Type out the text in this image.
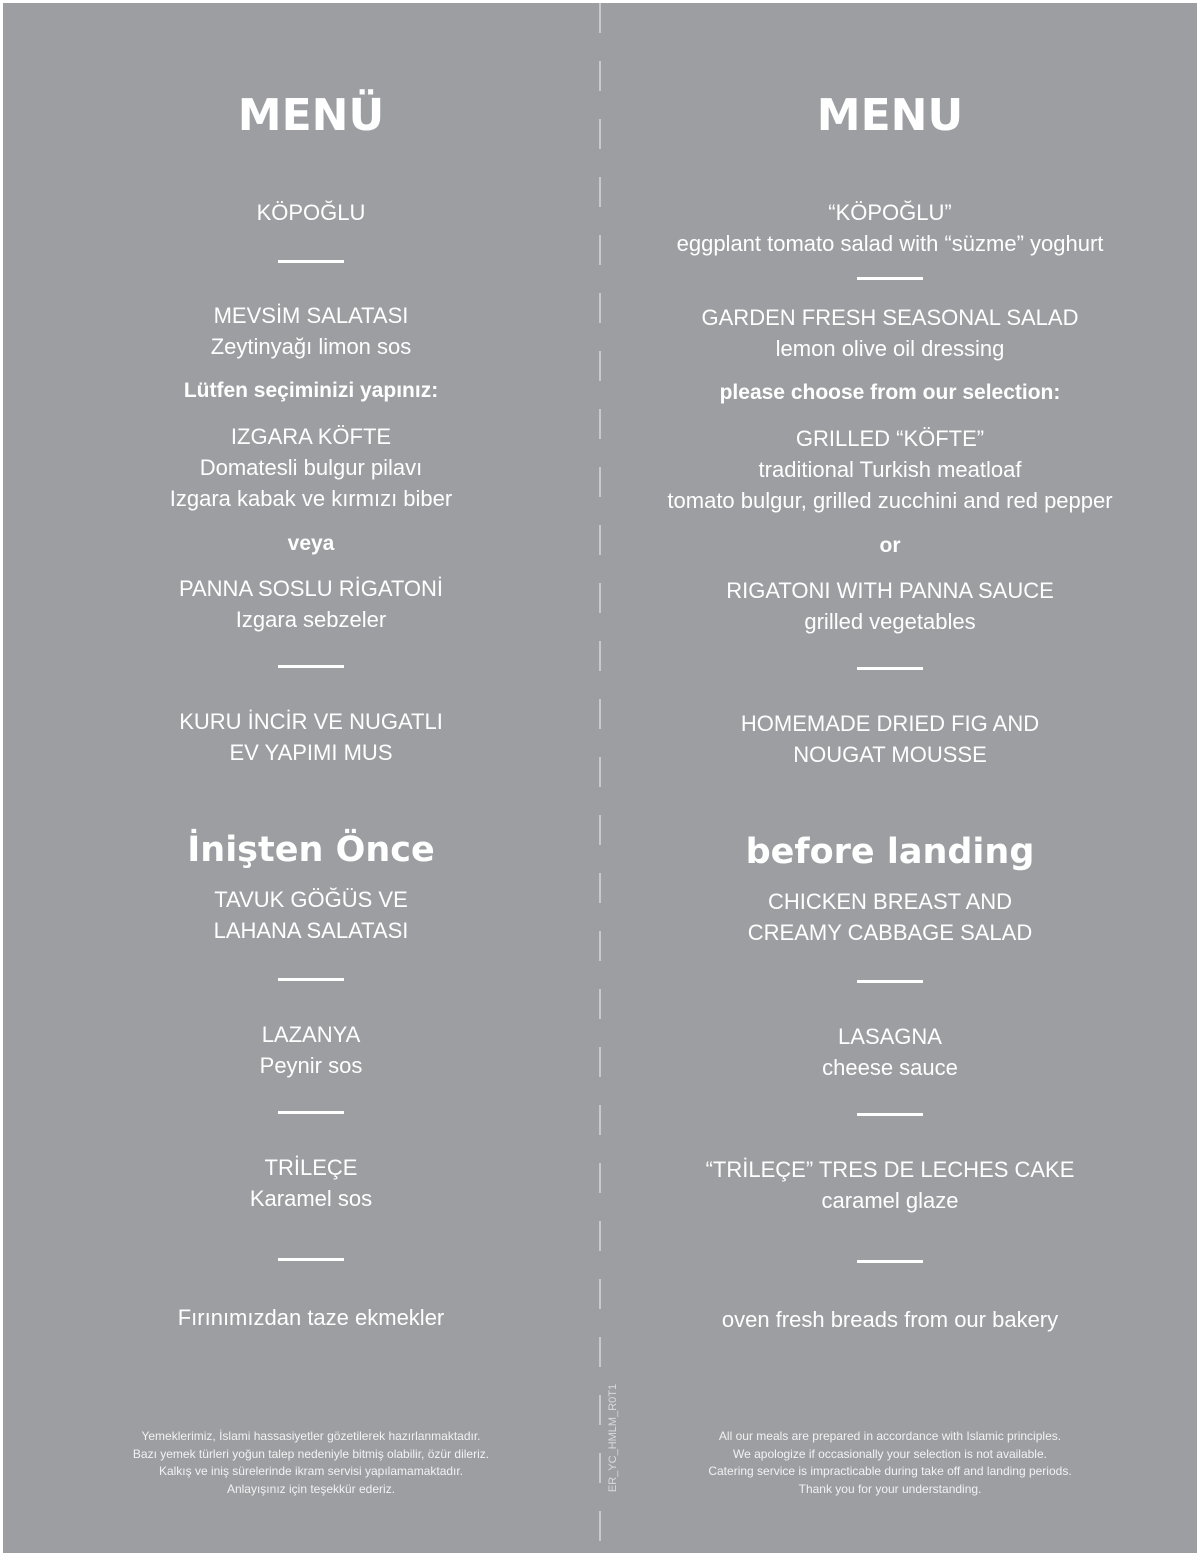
ER_YC_HMLM_R0T1
MENÜ
KÖPOĞLU
MEVSİM SALATASI
Zeytinyağı limon sos
Lütfen seçiminizi yapınız:
IZGARA KÖFTE
Domatesli bulgur pilavı
Izgara kabak ve kırmızı biber
veya
PANNA SOSLU RİGATONİ
Izgara sebzeler
KURU İNCİR VE NUGATLI
EV YAPIMI MUS
İnişten Önce
TAVUK GÖĞÜS VE
LAHANA SALATASI
LAZANYA
Peynir sos
TRİLEÇE
Karamel sos
Fırınımızdan taze ekmekler
Yemeklerimiz, İslami hassasiyetler gözetilerek hazırlanmaktadır.
Bazı yemek türleri yoğun talep nedeniyle bitmiş olabilir, özür dileriz.
Kalkış ve iniş sürelerinde ikram servisi yapılamamaktadır.
Anlayışınız için teşekkür ederiz.
MENU
“KÖPOĞLU”
eggplant tomato salad with “süzme” yoghurt
GARDEN FRESH SEASONAL SALAD
lemon olive oil dressing
please choose from our selection:
GRILLED “KÖFTE”
traditional Turkish meatloaf
tomato bulgur, grilled zucchini and red pepper
or
RIGATONI WITH PANNA SAUCE
grilled vegetables
HOMEMADE DRIED FIG AND
NOUGAT MOUSSE
before landing
CHICKEN BREAST AND
CREAMY CABBAGE SALAD
LASAGNA
cheese sauce
“TRİLEÇE” TRES DE LECHES CAKE
caramel glaze
oven fresh breads from our bakery
All our meals are prepared in accordance with Islamic principles.
We apologize if occasionally your selection is not available.
Catering service is impracticable during take off and landing periods.
Thank you for your understanding.
